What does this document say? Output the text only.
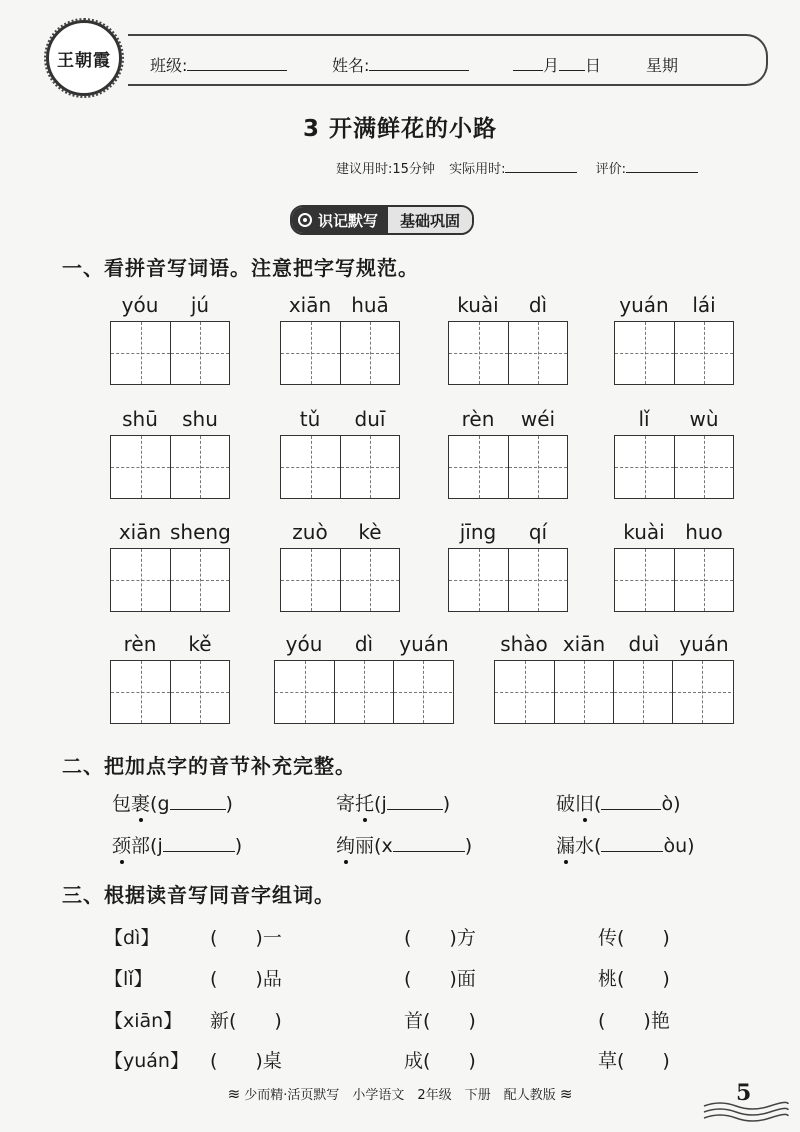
王朝霞 班级:	姓名:	月 日	星期
3 开满鲜花的小路
建议用时:15分钟 实际用时:	评价:
识记默写 基础巩固
一、看拼音写词语。注意把字写规范。
yóu	jú	xiān	huā	kuài	dì	yuán	lái
shū	shu	tǔ	duī	rèn	wéi	lǐ	wù
xiān sheng	zuò	kè	jīng	qí	kuài	huo
rèn	kě	yóu	dì	yuán	shào xiān	duì yuán
二、把加点字的音节补充完整。
包裹(g	)	寄托(j	)	破旧(	ò)
颈部(j	)	绚丽(x	)	漏水(	òu)
三、根据读音写同音字组词。
【dì】	(　　)一	(　　)方	传(　　)
【lǐ】	(　　)品	(　　)面	桃(　　)
【xiān】 新(　　)	首(　　)	(　　)艳
【yuán】 (　　)桌	成(　　)	草(　　)
≋ 少而精·活页默写　小学语文　2年级　下册　配人教版 ≋	5
